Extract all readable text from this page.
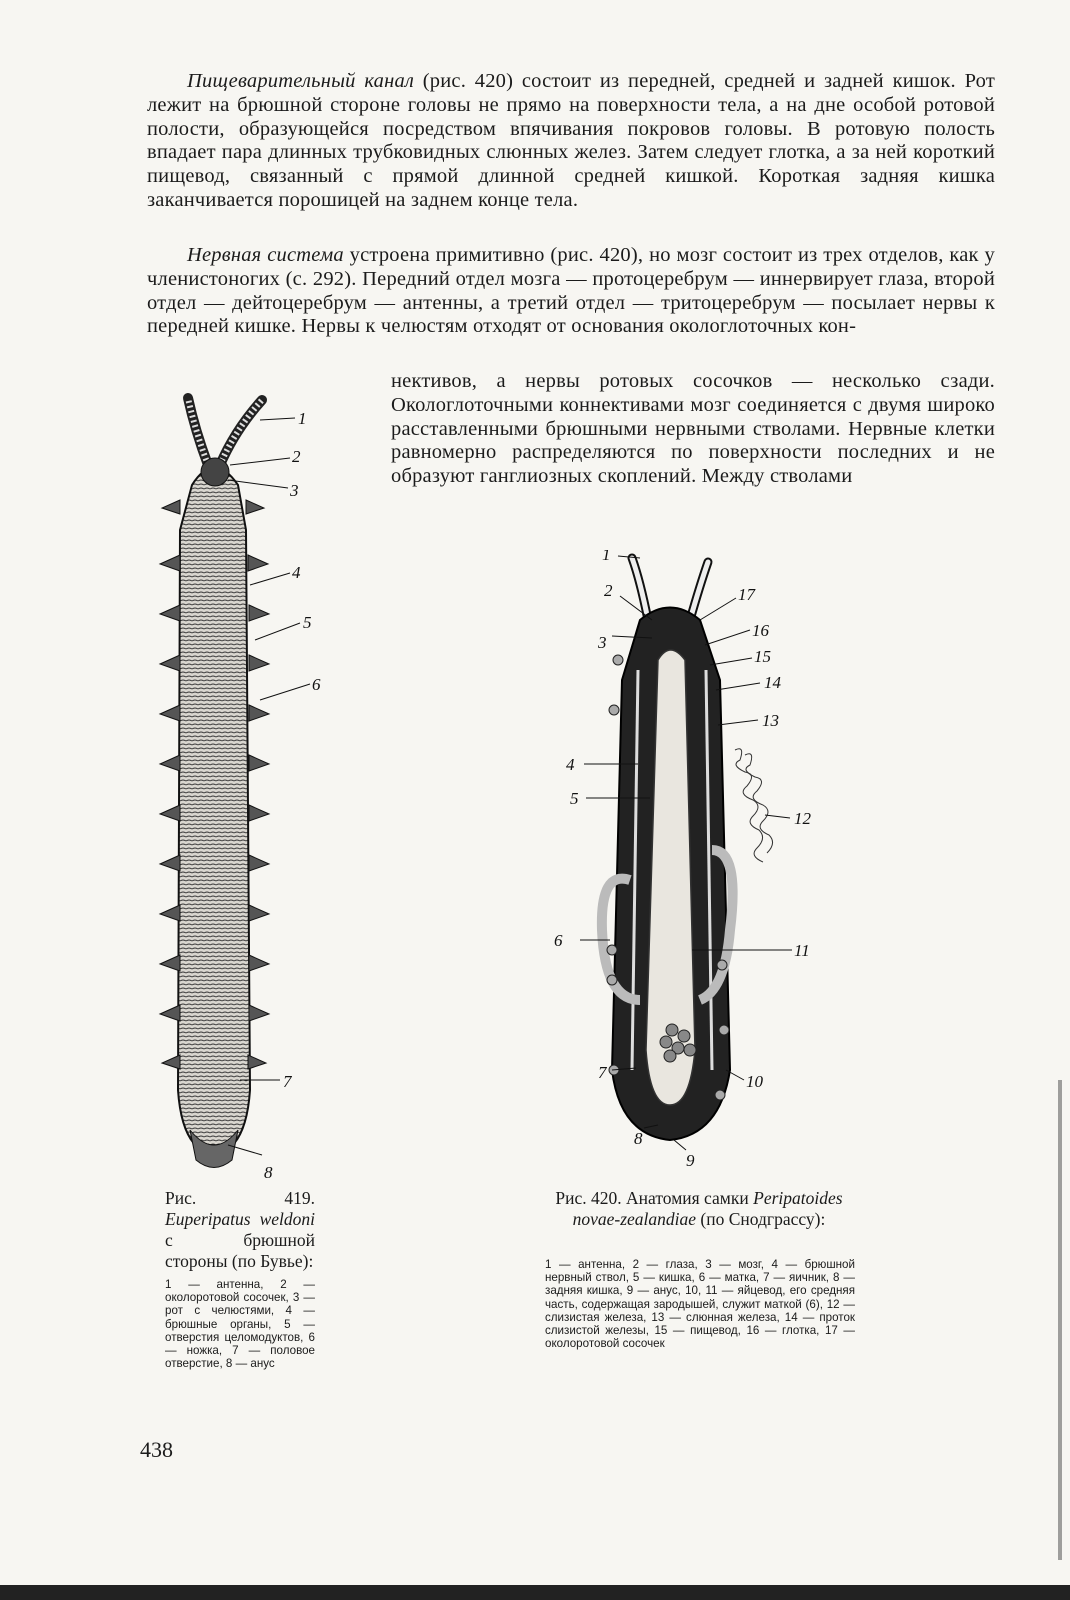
Пищеварительный канал (рис. 420) состоит из передней, средней и задней кишок. Рот лежит на брюшной стороне головы не прямо на поверхности тела, а на дне особой ротовой полости, образующейся посредством впячивания покровов головы. В ротовую полость впадает пара длинных трубковидных слюнных желез. Затем следует глотка, а за ней короткий пищевод, связанный с прямой длинной средней кишкой. Короткая задняя кишка заканчивается порошицей на заднем конце тела.

Нервная система устроена примитивно (рис. 420), но мозг состоит из трех отделов, как у членистоногих (с. 292). Передний отдел мозга — протоцеребрум — иннервирует глаза, второй отдел — дейтоцеребрум — антенны, а третий отдел — тритоцеребрум — посылает нервы к передней кишке. Нервы к челюстям отходят от основания окологлоточных кон-

нективов, а нервы ротовых сосочков — несколько сзади. Окологлоточными коннективами мозг соединяется с двумя широко расставленными брюшными нервными стволами. Нервные клетки равномерно распределяются по поверхности последних и не образуют ганглиозных скоплений. Между стволами

1
2
3
4
5
6
7
8
1
2
3
4
5
6
7
8
9
10
11
12
13
14
15
16
17
Рис. 419. Euperipatus weldoni с брюшной стороны (по Бувье):
1 — антенна, 2 — околоротовой сосочек, 3 — рот с челюстями, 4 — брюшные органы, 5 — отверстия целомодуктов, 6 — ножка, 7 — половое отверстие, 8 — анус
Рис. 420. Анатомия самки Peripatoides novae-zealandiae (по Снодграссу):
1 — антенна, 2 — глаза, 3 — мозг, 4 — брюшной нервный ствол, 5 — кишка, 6 — матка, 7 — яичник, 8 — задняя кишка, 9 — анус, 10, 11 — яйцевод, его средняя часть, содержащая зародышей, служит маткой (6), 12 — слизистая железа, 13 — слюнная железа, 14 — проток слизистой железы, 15 — пищевод, 16 — глотка, 17 — околоротовой сосочек
438
